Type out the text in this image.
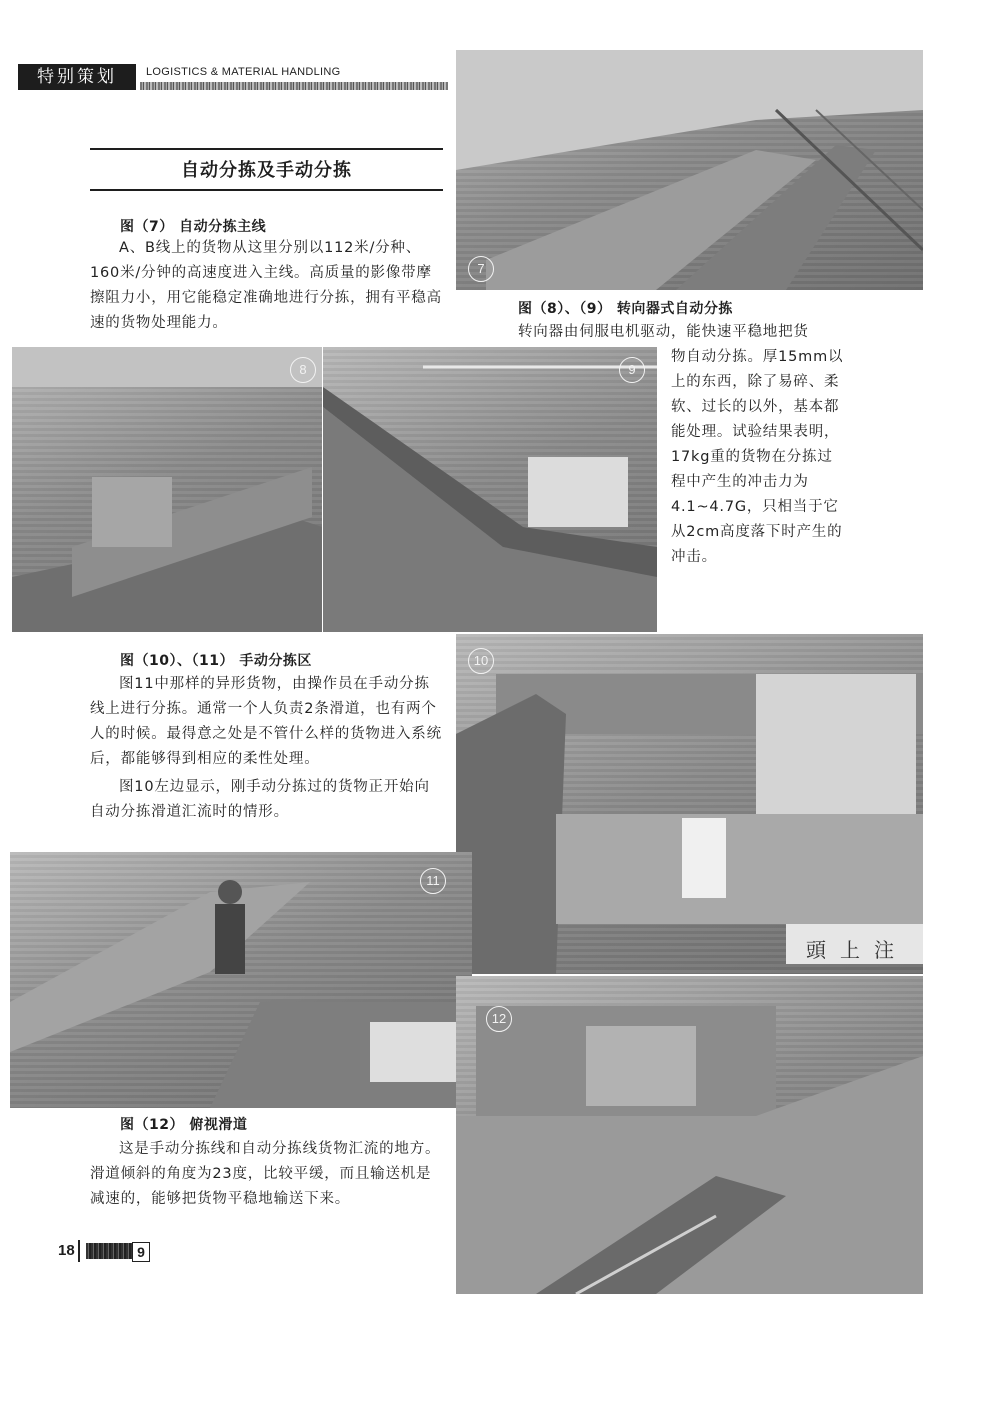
特别策划	LOGISTICS & MATERIAL HANDLING
自动分拣及手动分拣
图（7） 自动分拣主线
A、B线上的货物从这里分别以112米/分种、160米/分钟的高速度进入主线。高质量的影像带摩擦阻力小，用它能稳定准确地进行分拣，拥有平稳高速的货物处理能力。
7
图（8）、（9） 转向器式自动分拣
转向器由伺服电机驱动，能快速平稳地把货
物自动分拣。厚15mm以上的东西，除了易碎、柔软、过长的以外，基本都能处理。试验结果表明，17kg重的货物在分拣过程中产生的冲击力为4.1~4.7G，只相当于它从2cm高度落下时产生的冲击。
8	9
图（10）、（11） 手动分拣区
图11中那样的异形货物，由操作员在手动分拣线上进行分拣。通常一个人负责2条滑道，也有两个人的时候。最得意之处是不管什么样的货物进入系统后，都能够得到相应的柔性处理。
图10左边显示，刚手动分拣过的货物正开始向自动分拣滑道汇流时的情形。
10
頭上注
11
图（12） 俯视滑道
这是手动分拣线和自动分拣线货物汇流的地方。滑道倾斜的角度为23度，比较平缓，而且输送机是减速的，能够把货物平稳地输送下来。
12
18	9
